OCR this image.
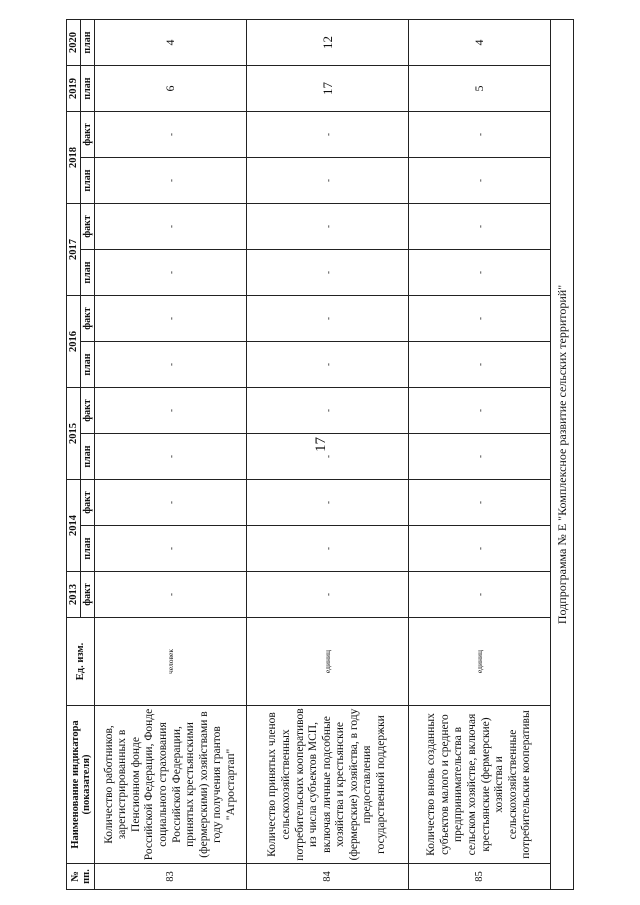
17
№ пп.	Наименование индикатора (показателя)	Ед. изм.	2013	2014		2015		2016		2017		2018		2019	2020
			факт	план	факт	план	факт	план	факт	план	факт	план	факт	план	план
83	Количество работников, зарегистрированных в Пенсионном фонде Российской Федерации, Фонде социального страхования Российской Федерации, принятых крестьянскими (фермерскими) хозяйствами в году получения грантов "Агростартап"	человек	-	-	-	-	-	-	-	-	-	-	-	6	4
84	Количество принятых членов сельскохозяйственных потребительских кооперативов из числа субъектов МСП, включая личные подсобные хозяйства и крестьянские (фермерские) хозяйства, в году предоставления государственной поддержки	единиц	-	-	-	-	-	-	-	-	-	-	-	17	12
85	Количество вновь созданных субъектов малого и среднего предпринимательства в сельском хозяйстве, включая крестьянские (фермерские) хозяйства и сельскохозяйственные потребительские кооперативы	единиц	-	-	-	-	-	-	-	-	-	-	-	5	4
Подпрограмма № Е "Комплексное развитие сельских территорий"															
